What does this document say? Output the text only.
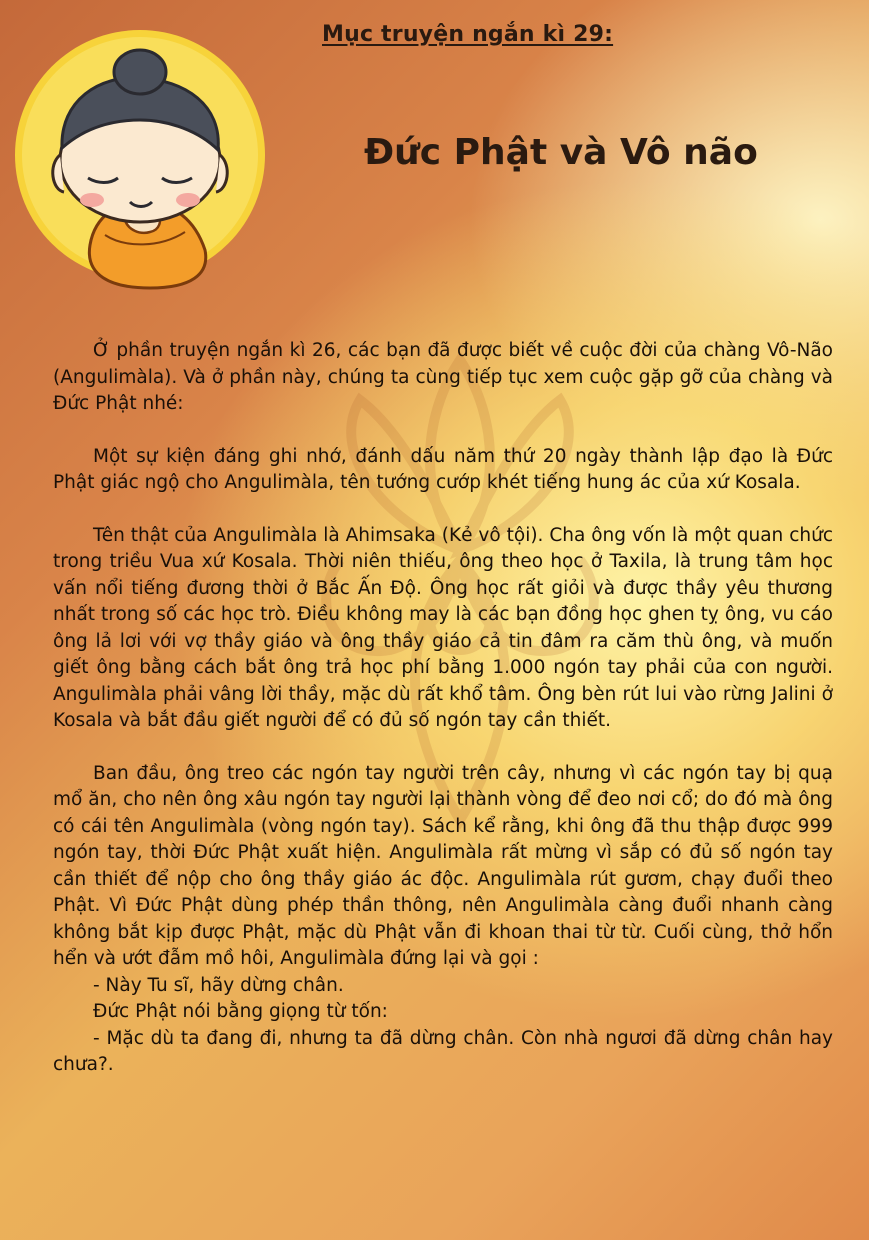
Mục truyện ngắn kì 29:
Đức Phật và Vô não

Ở phần truyện ngắn kì 26, các bạn đã được biết về cuộc đời của chàng Vô-Não (Angulimàla). Và ở phần này, chúng ta cùng tiếp tục xem cuộc gặp gỡ của chàng và Đức Phật nhé:

Một sự kiện đáng ghi nhớ, đánh dấu năm thứ 20 ngày thành lập đạo là Đức Phật giác ngộ cho Angulimàla, tên tướng cướp khét tiếng hung ác của xứ Kosala.

Tên thật của Angulimàla là Ahimsaka (Kẻ vô tội). Cha ông vốn là một quan chức trong triều Vua xứ Kosala. Thời niên thiếu, ông theo học ở Taxila, là trung tâm học vấn nổi tiếng đương thời ở Bắc Ấn Độ. Ông học rất giỏi và được thầy yêu thương nhất trong số các học trò. Điều không may là các bạn đồng học ghen tỵ ông, vu cáo ông lả lơi với vợ thầy giáo và ông thầy giáo cả tin đâm ra căm thù ông, và muốn giết ông bằng cách bắt ông trả học phí bằng 1.000 ngón tay phải của con người. Angulimàla phải vâng lời thầy, mặc dù rất khổ tâm. Ông bèn rút lui vào rừng Jalini ở Kosala và bắt đầu giết người để có đủ số ngón tay cần thiết.

Ban đầu, ông treo các ngón tay người trên cây, nhưng vì các ngón tay bị quạ mổ ăn, cho nên ông xâu ngón tay người lại thành vòng để đeo nơi cổ; do đó mà ông có cái tên Angulimàla (vòng ngón tay). Sách kể rằng, khi ông đã thu thập được 999 ngón tay, thời Đức Phật xuất hiện. Angulimàla rất mừng vì sắp có đủ số ngón tay cần thiết để nộp cho ông thầy giáo ác độc. Angulimàla rút gươm, chạy đuổi theo Phật. Vì Đức Phật dùng phép thần thông, nên Angulimàla càng đuổi nhanh càng không bắt kịp được Phật, mặc dù Phật vẫn đi khoan thai từ từ. Cuối cùng, thở hổn hển và ướt đẫm mồ hôi, Angulimàla đứng lại và gọi :

- Này Tu sĩ, hãy dừng chân.

Đức Phật nói bằng giọng từ tốn:

- Mặc dù ta đang đi, nhưng ta đã dừng chân. Còn nhà ngươi đã dừng chân hay chưa?.
